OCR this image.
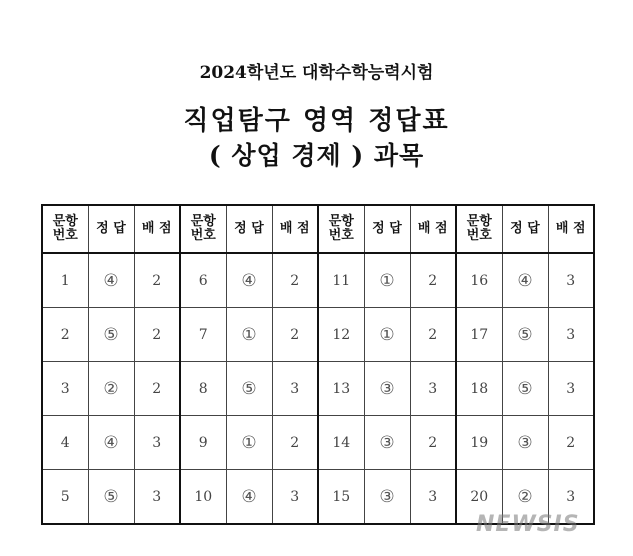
2024학년도 대학수학능력시험
직업탐구 영역 정답표
( 상업 경제 ) 과목
문항
번호	정 답	배 점	문항
번호	정 답	배 점	문항
번호	정 답	배 점	문항
번호	정 답	배 점
1	④	2	6	④	2	11	①	2	16	④	3
2	⑤	2	7	①	2	12	①	2	17	⑤	3
3	②	2	8	⑤	3	13	③	3	18	⑤	3
4	④	3	9	①	2	14	③	2	19	③	2
5	⑤	3	10	④	3	15	③	3	20	②	3
NEWSIS
